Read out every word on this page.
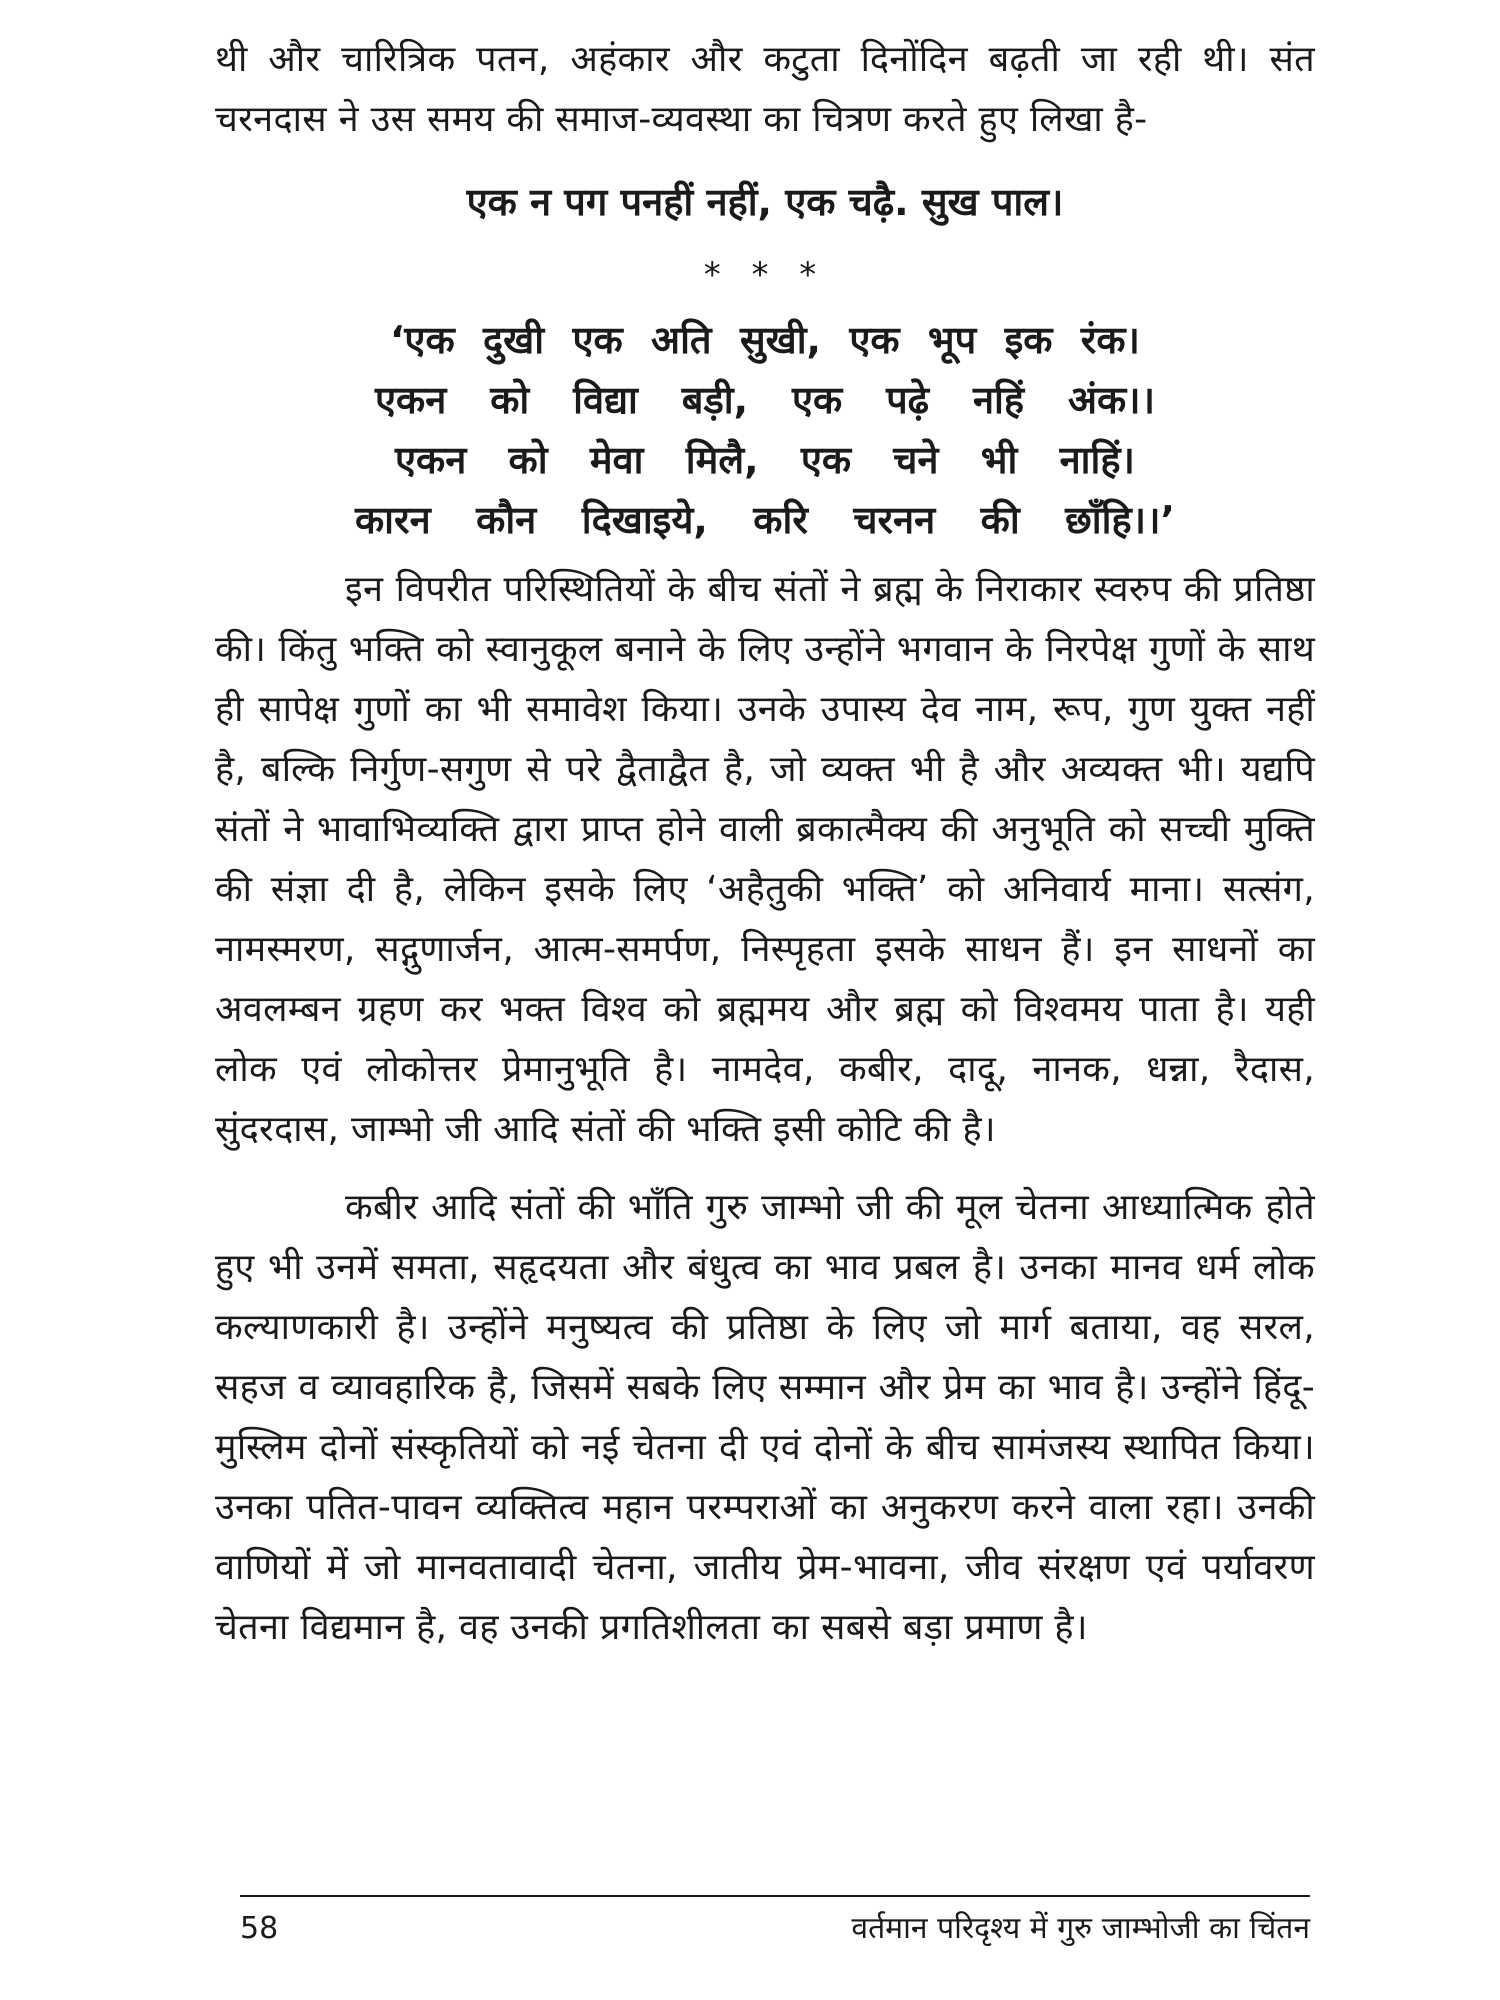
थी और चारित्रिक पतन, अहंकार और कटुता दिनोंदिन बढ़ती जा रही थी। संत चरनदास ने उस समय की समाज-व्यवस्था का चित्रण करते हुए लिखा है-

एक न पग पनहीं नहीं, एक चढ़ै. सुख पाल।

* * *
‘एक दुखी एक अति सुखी, एक भूप इक रंक।
एकन को विद्या बड़ी, एक पढ़े नहिं अंक।।
एकन को मेवा मिलै, एक चने भी नाहिं।
कारन कौन दिखाइये, करि चरनन की छाँहि।।’

इन विपरीत परिस्थितियों के बीच संतों ने ब्रह्म के निराकार स्वरुप की प्रतिष्ठा की। किंतु भक्ति को स्वानुकूल बनाने के लिए उन्होंने भगवान के निरपेक्ष गुणों के साथ ही सापेक्ष गुणों का भी समावेश किया। उनके उपास्य देव नाम, रूप, गुण युक्त नहीं है, बल्कि निर्गुण-सगुण से परे द्वैताद्वैत है, जो व्यक्त भी है और अव्यक्त भी। यद्यपि संतों ने भावाभिव्यक्ति द्वारा प्राप्त होने वाली ब्रकात्मैक्य की अनुभूति को सच्ची मुक्ति की संज्ञा दी है, लेकिन इसके लिए ‘अहैतुकी भक्ति’ को अनिवार्य माना। सत्संग, नामस्मरण, सद्गुणार्जन, आत्म-समर्पण, निस्पृहता इसके साधन हैं। इन साधनों का अवलम्बन ग्रहण कर भक्त विश्व को ब्रह्ममय और ब्रह्म को विश्वमय पाता है। यही लोक एवं लोकोत्तर प्रेमानुभूति है। नामदेव, कबीर, दादू, नानक, धन्ना, रैदास, सुंदरदास, जाम्भो जी आदि संतों की भक्ति इसी कोटि की है।

कबीर आदि संतों की भाँति गुरु जाम्भो जी की मूल चेतना आध्यात्मिक होते हुए भी उनमें समता, सहृदयता और बंधुत्व का भाव प्रबल है। उनका मानव धर्म लोक कल्याणकारी है। उन्होंने मनुष्यत्व की प्रतिष्ठा के लिए जो मार्ग बताया, वह सरल, सहज व व्यावहारिक है, जिसमें सबके लिए सम्मान और प्रेम का भाव है। उन्होंने हिंदू-मुस्लिम दोनों संस्कृतियों को नई चेतना दी एवं दोनों के बीच सामंजस्य स्थापित किया। उनका पतित-पावन व्यक्तित्व महान परम्पराओं का अनुकरण करने वाला रहा। उनकी वाणियों में जो मानवतावादी चेतना, जातीय प्रेम-भावना, जीव संरक्षण एवं पर्यावरण चेतना विद्यमान है, वह उनकी प्रगतिशीलता का सबसे बड़ा प्रमाण है।

58	वर्तमान परिदृश्य में गुरु जाम्भोजी का चिंतन
